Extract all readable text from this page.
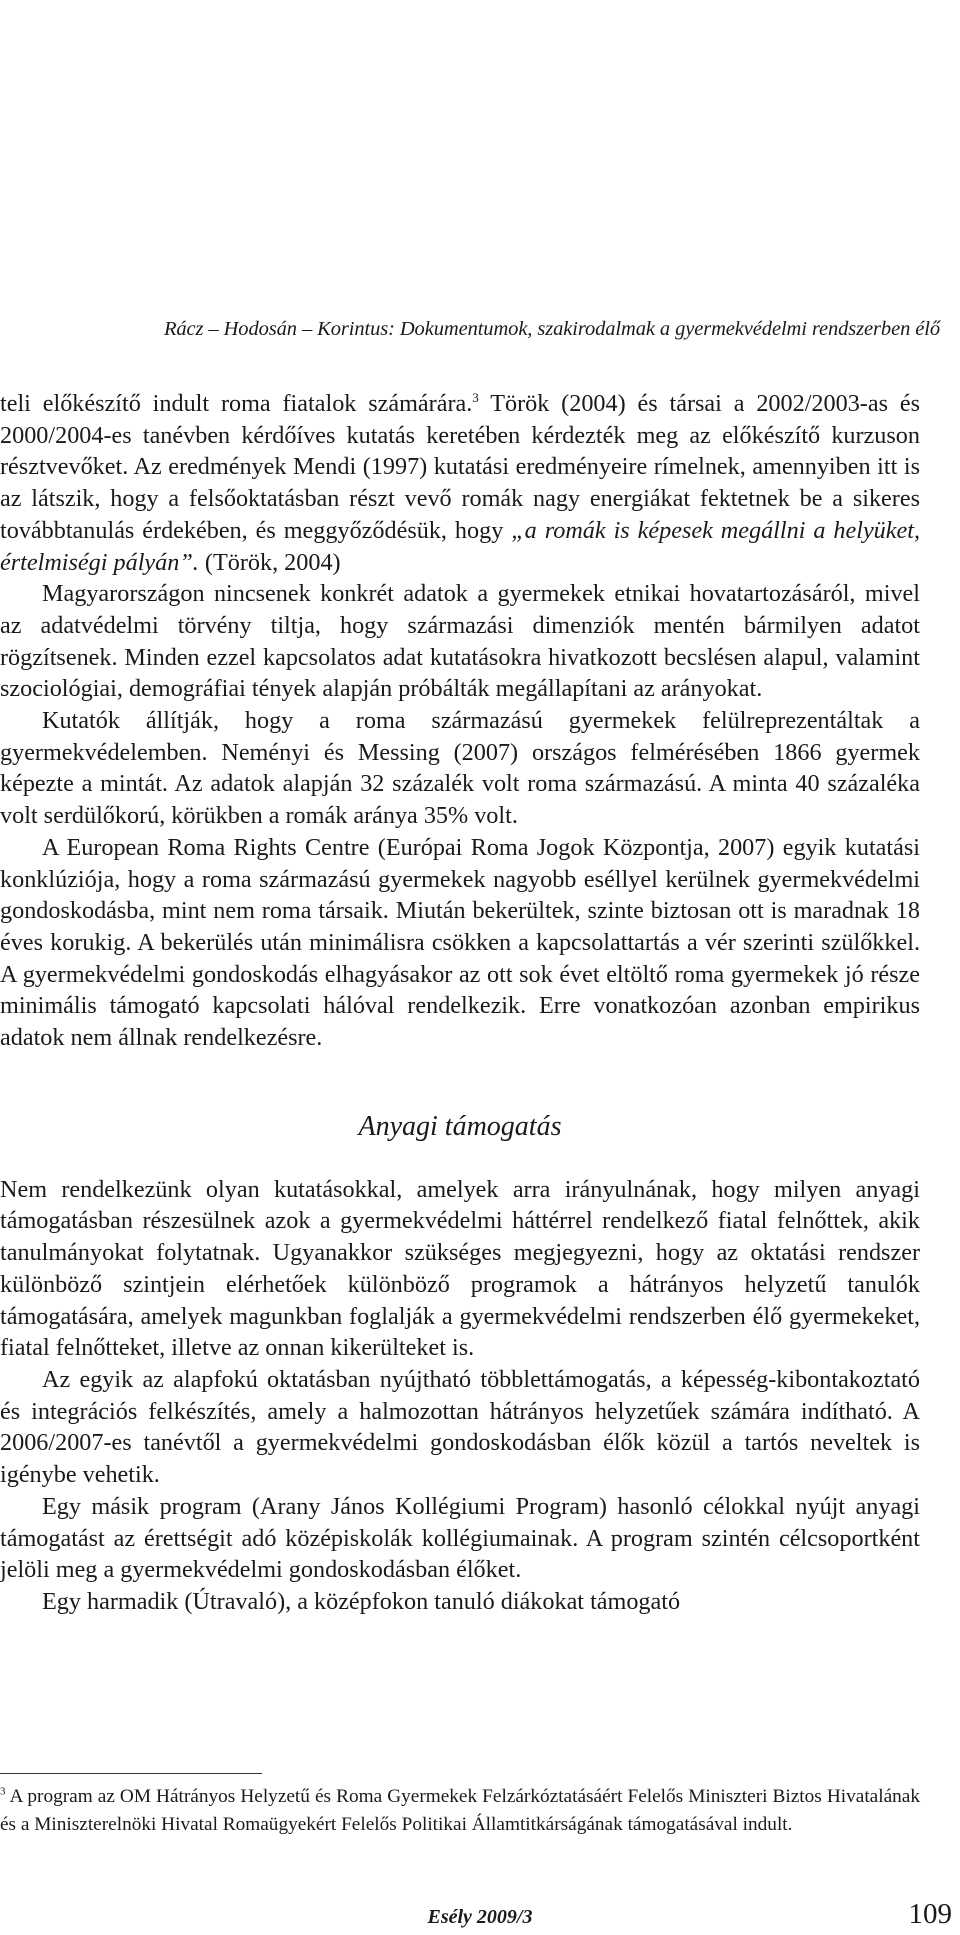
Rácz – Hodosán – Korintus: Dokumentumok, szakirodalmak a gyermekvédelmi rendszerben élő

teli előkészítő indult roma fiatalok számárára.$^3$ Török (2004) és társai a 2002/2003-as és 2000/2004-es tanévben kérdőíves kutatás keretében kérdezték meg az előkészítő kurzuson résztvevőket. Az eredmények Mendi (1997) kutatási eredményeire rímelnek, amennyiben itt is az látszik, hogy a felsőoktatásban részt vevő romák nagy energiákat fektetnek be a sikeres továbbtanulás érdekében, és meggyőződésük, hogy „a romák is képesek megállni a helyüket, értelmiségi pályán”. (Török, 2004)

Magyarországon nincsenek konkrét adatok a gyermekek etnikai hovatartozásáról, mivel az adatvédelmi törvény tiltja, hogy származási dimenziók mentén bármilyen adatot rögzítsenek. Minden ezzel kapcsolatos adat kutatásokra hivatkozott becslésen alapul, valamint szociológiai, demográfiai tények alapján próbálták megállapítani az arányokat.

Kutatók állítják, hogy a roma származású gyermekek felülreprezentáltak a gyermekvédelemben. Neményi és Messing (2007) országos felmérésében 1866 gyermek képezte a mintát. Az adatok alapján 32 százalék volt roma származású. A minta 40 százaléka volt serdülőkorú, körükben a romák aránya 35% volt.

A European Roma Rights Centre (Európai Roma Jogok Központja, 2007) egyik kutatási konklúziója, hogy a roma származású gyermekek nagyobb eséllyel kerülnek gyermekvédelmi gondoskodásba, mint nem roma társaik. Miután bekerültek, szinte biztosan ott is maradnak 18 éves korukig. A bekerülés után minimálisra csökken a kapcsolattartás a vér szerinti szülőkkel. A gyermekvédelmi gondoskodás elhagyásakor az ott sok évet eltöltő roma gyermekek jó része minimális támogató kapcsolati hálóval rendelkezik. Erre vonatkozóan azonban empirikus adatok nem állnak rendelkezésre.

Anyagi támogatás

Nem rendelkezünk olyan kutatásokkal, amelyek arra irányulnának, hogy milyen anyagi támogatásban részesülnek azok a gyermekvédelmi háttérrel rendelkező fiatal felnőttek, akik tanulmányokat folytatnak. Ugyanakkor szükséges megjegyezni, hogy az oktatási rendszer különböző szintjein elérhetőek különböző programok a hátrányos helyzetű tanulók támogatására, amelyek magunkban foglalják a gyermekvédelmi rendszerben élő gyermekeket, fiatal felnőtteket, illetve az onnan kikerülteket is.

Az egyik az alapfokú oktatásban nyújtható többlettámogatás, a képesség-kibontakoztató és integrációs felkészítés, amely a halmozottan hátrányos helyzetűek számára indítható. A 2006/2007-es tanévtől a gyermekvédelmi gondoskodásban élők közül a tartós neveltek is igénybe vehetik.

Egy másik program (Arany János Kollégiumi Program) hasonló célokkal nyújt anyagi támogatást az érettségit adó középiskolák kollégiumainak. A program szintén célcsoportként jelöli meg a gyermekvédelmi gondoskodásban élőket.

Egy harmadik (Útravaló), a középfokon tanuló diákokat támogató

$^3$ A program az OM Hátrányos Helyzetű és Roma Gyermekek Felzárkóztatásáért Felelős Miniszteri Biztos Hivatalának és a Miniszterelnöki Hivatal Romaügyekért Felelős Politikai Államtitkárságának támogatásával indult.
Esély 2009/3	109
